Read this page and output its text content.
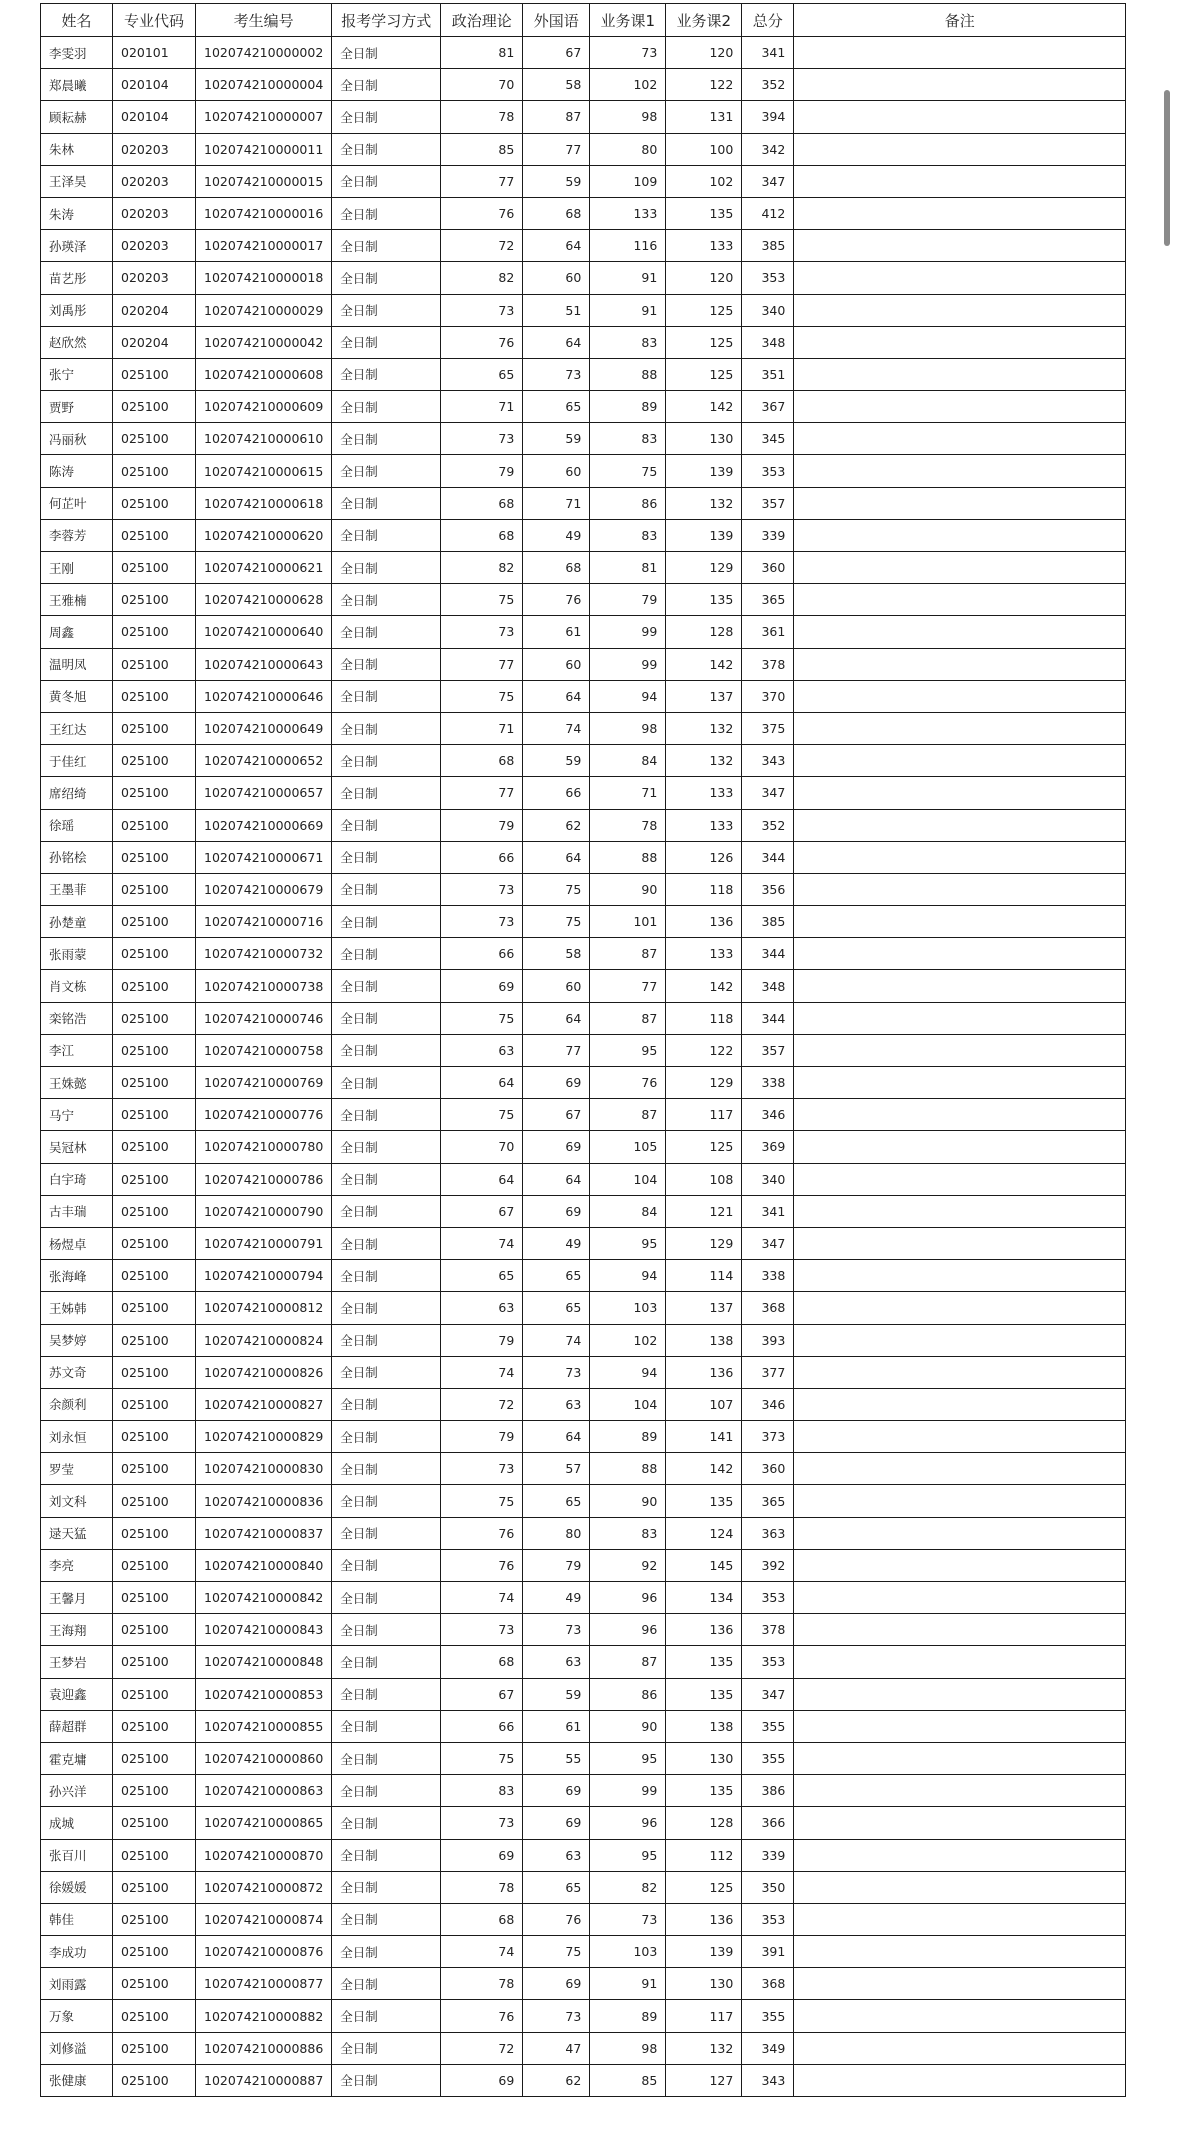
姓名	专业代码	考生编号	报考学习方式	政治理论	外国语	业务课1	业务课2	总分	备注
李雯羽	020101	102074210000002	全日制	81	67	73	120	341	
郑晨曦	020104	102074210000004	全日制	70	58	102	122	352	
顾耘赫	020104	102074210000007	全日制	78	87	98	131	394	
朱林	020203	102074210000011	全日制	85	77	80	100	342	
王泽昊	020203	102074210000015	全日制	77	59	109	102	347	
朱涛	020203	102074210000016	全日制	76	68	133	135	412	
孙瑛泽	020203	102074210000017	全日制	72	64	116	133	385	
苗艺彤	020203	102074210000018	全日制	82	60	91	120	353	
刘禹彤	020204	102074210000029	全日制	73	51	91	125	340	
赵欣然	020204	102074210000042	全日制	76	64	83	125	348	
张宁	025100	102074210000608	全日制	65	73	88	125	351	
贾野	025100	102074210000609	全日制	71	65	89	142	367	
冯丽秋	025100	102074210000610	全日制	73	59	83	130	345	
陈涛	025100	102074210000615	全日制	79	60	75	139	353	
何芷叶	025100	102074210000618	全日制	68	71	86	132	357	
李蓉芳	025100	102074210000620	全日制	68	49	83	139	339	
王刚	025100	102074210000621	全日制	82	68	81	129	360	
王雅楠	025100	102074210000628	全日制	75	76	79	135	365	
周鑫	025100	102074210000640	全日制	73	61	99	128	361	
温明凤	025100	102074210000643	全日制	77	60	99	142	378	
黄冬旭	025100	102074210000646	全日制	75	64	94	137	370	
王红达	025100	102074210000649	全日制	71	74	98	132	375	
于佳红	025100	102074210000652	全日制	68	59	84	132	343	
席绍绮	025100	102074210000657	全日制	77	66	71	133	347	
徐瑶	025100	102074210000669	全日制	79	62	78	133	352	
孙铭桧	025100	102074210000671	全日制	66	64	88	126	344	
王墨菲	025100	102074210000679	全日制	73	75	90	118	356	
孙楚童	025100	102074210000716	全日制	73	75	101	136	385	
张雨蒙	025100	102074210000732	全日制	66	58	87	133	344	
肖文栋	025100	102074210000738	全日制	69	60	77	142	348	
栾铭浩	025100	102074210000746	全日制	75	64	87	118	344	
李江	025100	102074210000758	全日制	63	77	95	122	357	
王姝懿	025100	102074210000769	全日制	64	69	76	129	338	
马宁	025100	102074210000776	全日制	75	67	87	117	346	
吴冠林	025100	102074210000780	全日制	70	69	105	125	369	
白宇琦	025100	102074210000786	全日制	64	64	104	108	340	
古丰瑞	025100	102074210000790	全日制	67	69	84	121	341	
杨煜卓	025100	102074210000791	全日制	74	49	95	129	347	
张海峰	025100	102074210000794	全日制	65	65	94	114	338	
王姊韩	025100	102074210000812	全日制	63	65	103	137	368	
吴梦婷	025100	102074210000824	全日制	79	74	102	138	393	
苏文奇	025100	102074210000826	全日制	74	73	94	136	377	
余颜利	025100	102074210000827	全日制	72	63	104	107	346	
刘永恒	025100	102074210000829	全日制	79	64	89	141	373	
罗莹	025100	102074210000830	全日制	73	57	88	142	360	
刘文科	025100	102074210000836	全日制	75	65	90	135	365	
逯天猛	025100	102074210000837	全日制	76	80	83	124	363	
李亮	025100	102074210000840	全日制	76	79	92	145	392	
王馨月	025100	102074210000842	全日制	74	49	96	134	353	
王海翔	025100	102074210000843	全日制	73	73	96	136	378	
王梦岩	025100	102074210000848	全日制	68	63	87	135	353	
袁迎鑫	025100	102074210000853	全日制	67	59	86	135	347	
薛超群	025100	102074210000855	全日制	66	61	90	138	355	
霍克墉	025100	102074210000860	全日制	75	55	95	130	355	
孙兴洋	025100	102074210000863	全日制	83	69	99	135	386	
成城	025100	102074210000865	全日制	73	69	96	128	366	
张百川	025100	102074210000870	全日制	69	63	95	112	339	
徐媛媛	025100	102074210000872	全日制	78	65	82	125	350	
韩佳	025100	102074210000874	全日制	68	76	73	136	353	
李成功	025100	102074210000876	全日制	74	75	103	139	391	
刘雨露	025100	102074210000877	全日制	78	69	91	130	368	
万象	025100	102074210000882	全日制	76	73	89	117	355	
刘修溢	025100	102074210000886	全日制	72	47	98	132	349	
张健康	025100	102074210000887	全日制	69	62	85	127	343	
